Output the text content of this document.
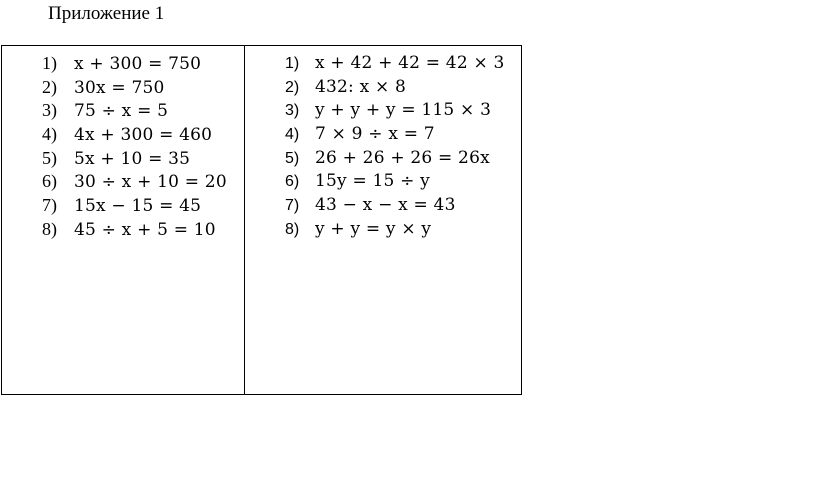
Приложение 1
1)	x + 300 = 750
2)	30x = 750
3)	75 ÷ x = 5
4)	4x + 300 = 460
5)	5x + 10 = 35
6)	30 ÷ x + 10 = 20
7)	15x − 15 = 45
8)	45 ÷ x + 5 = 10
1) x + 42 + 42 = 42 × 3
2) 432: x × 8
3) y + y + y = 115 × 3
4) 7 × 9 ÷ x = 7
5) 26 + 26 + 26 = 26x
6) 15y = 15 ÷ y
7) 43 − x − x = 43
8) y + y = y × y
